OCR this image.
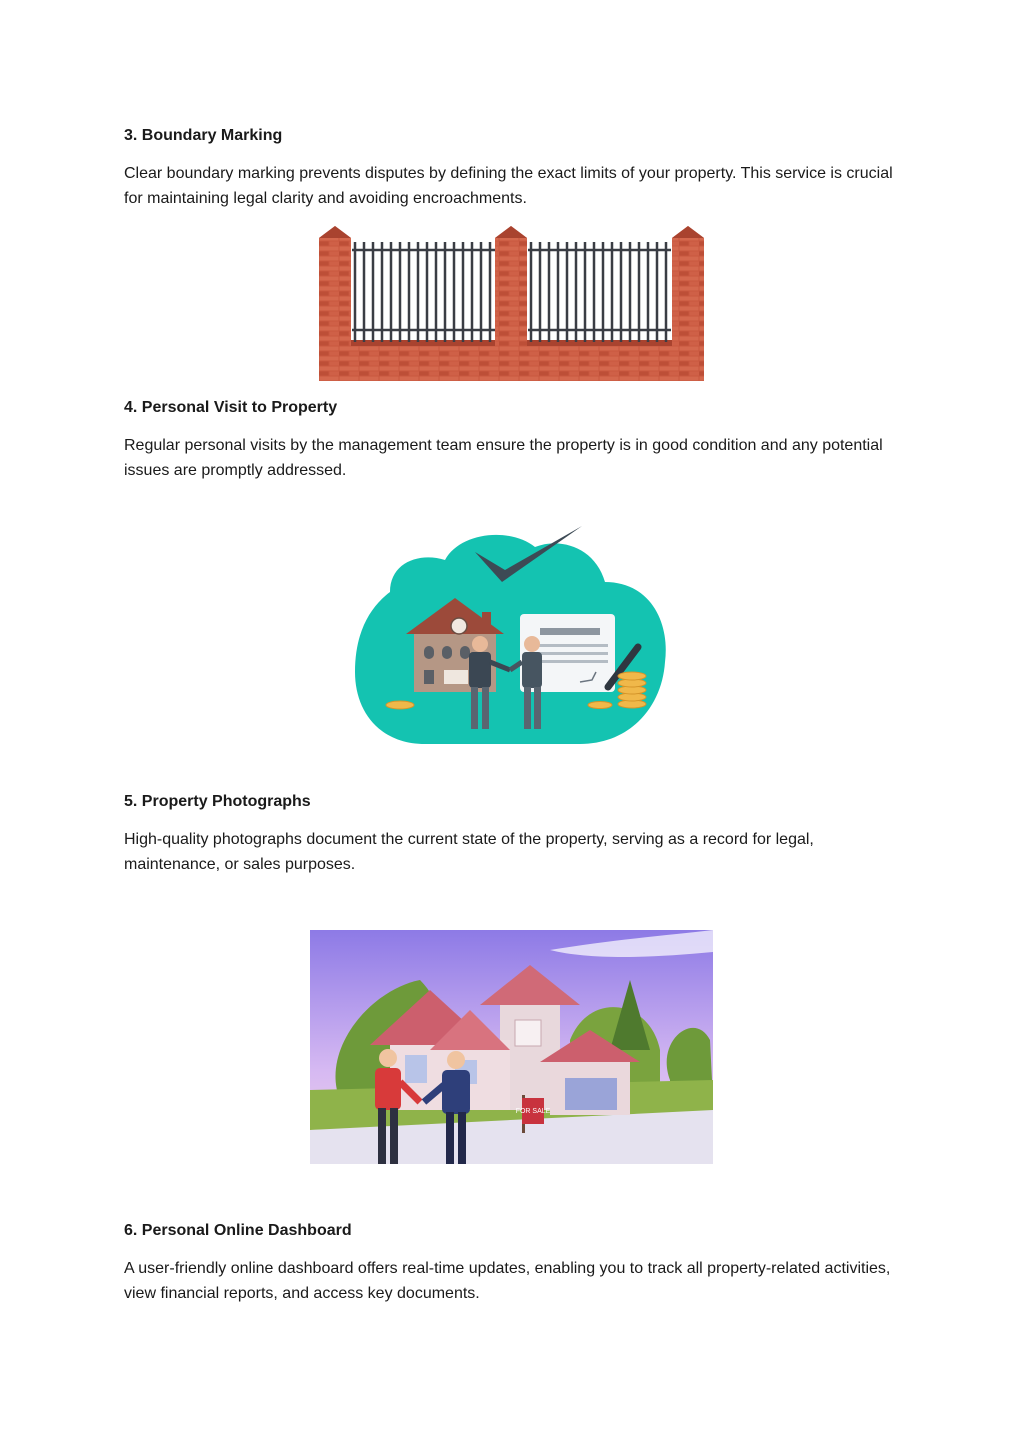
3. Boundary Marking

Clear boundary marking prevents disputes by defining the exact limits of your property. This service is crucial for maintaining legal clarity and avoiding encroachments.

4. Personal Visit to Property

Regular personal visits by the management team ensure the property is in good condition and any potential issues are promptly addressed.

5. Property Photographs

High-quality photographs document the current state of the property, serving as a record for legal, maintenance, or sales purposes.

FOR SALE
6. Personal Online Dashboard

A user-friendly online dashboard offers real-time updates, enabling you to track all property-related activities, view financial reports, and access key documents.
